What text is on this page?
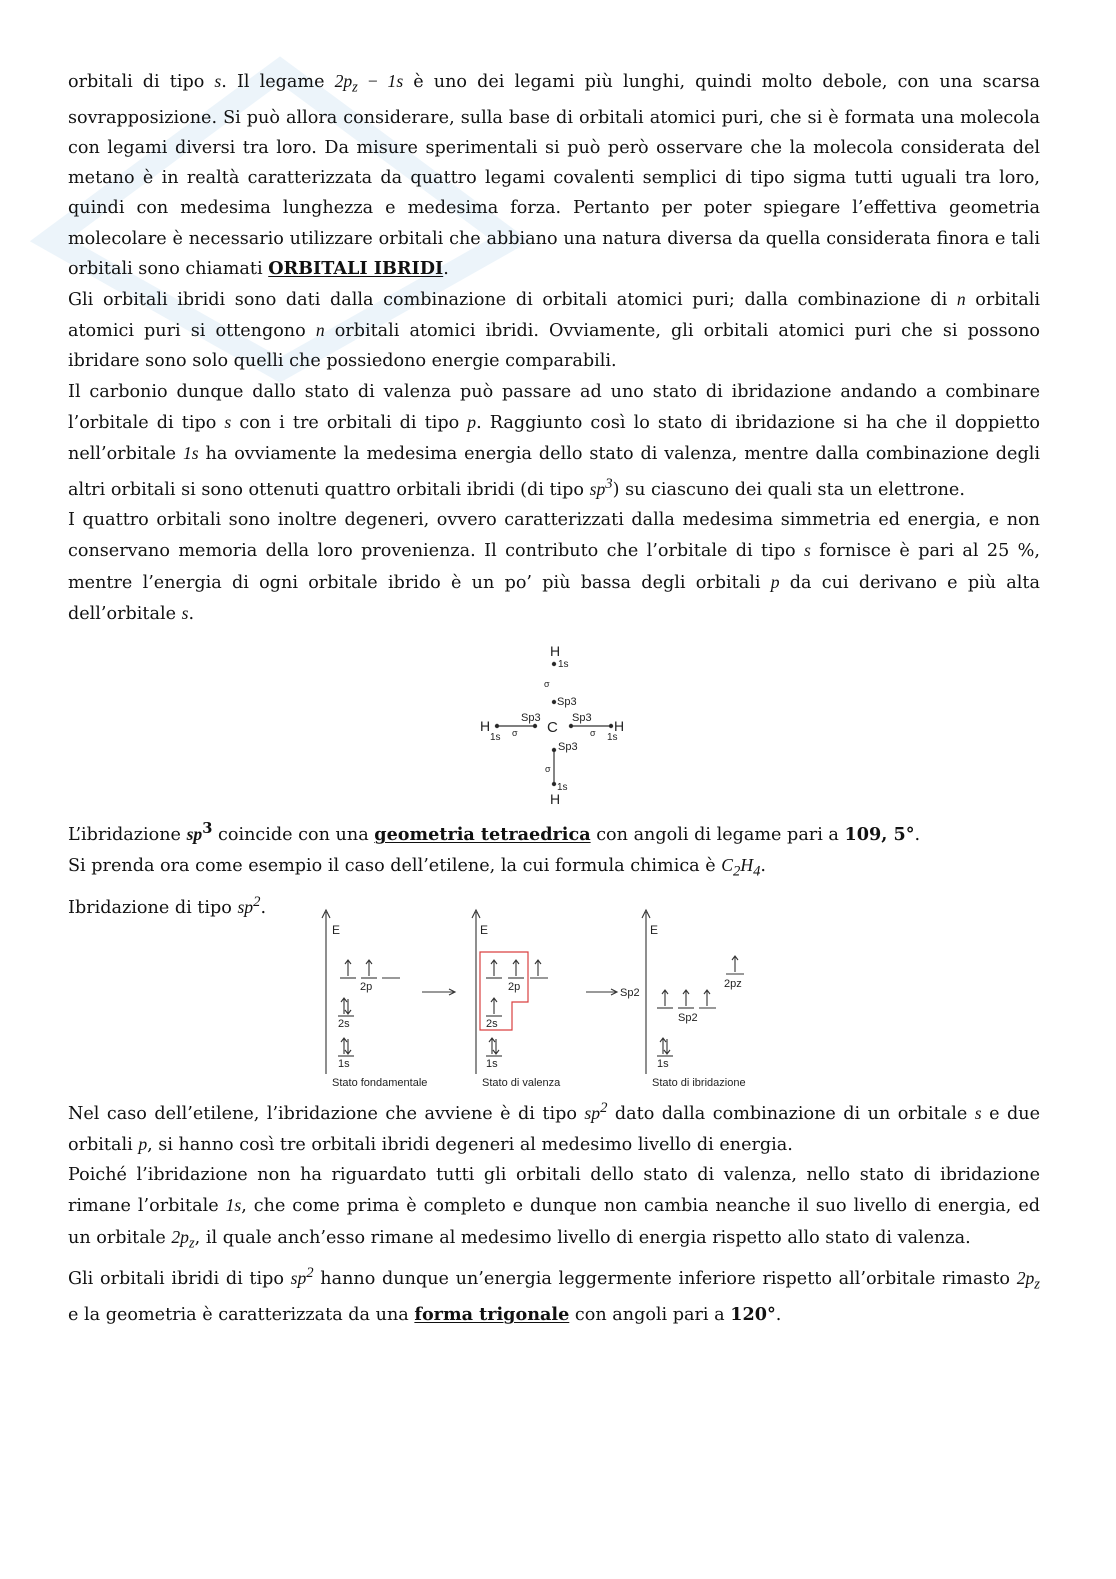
orbitali di tipo s. Il legame $2p_z - 1s$ è uno dei legami più lunghi, quindi molto debole, con una scarsa sovrapposizione. Si può allora considerare, sulla base di orbitali atomici puri, che si è formata una molecola con legami diversi tra loro. Da misure sperimentali si può però osservare che la molecola considerata del metano è in realtà caratterizzata da quattro legami covalenti semplici di tipo sigma tutti uguali tra loro, quindi con medesima lunghezza e medesima forza. Pertanto per poter spiegare l’effettiva geometria molecolare è necessario utilizzare orbitali che abbiano una natura diversa da quella considerata finora e tali orbitali sono chiamati ORBITALI IBRIDI.

Gli orbitali ibridi sono dati dalla combinazione di orbitali atomici puri; dalla combinazione di n orbitali atomici puri si ottengono n orbitali atomici ibridi. Ovviamente, gli orbitali atomici puri che si possono ibridare sono solo quelli che possiedono energie comparabili.

Il carbonio dunque dallo stato di valenza può passare ad uno stato di ibridazione andando a combinare l’orbitale di tipo s con i tre orbitali di tipo p. Raggiunto così lo stato di ibridazione si ha che il doppietto nell’orbitale 1s ha ovviamente la medesima energia dello stato di valenza, mentre dalla combinazione degli altri orbitali si sono ottenuti quattro orbitali ibridi (di tipo $sp^3$) su ciascuno dei quali sta un elettrone.

I quattro orbitali sono inoltre degeneri, ovvero caratterizzati dalla medesima simmetria ed energia, e non conservano memoria della loro provenienza. Il contributo che l’orbitale di tipo s fornisce è pari al 25 %, mentre l’energia di ogni orbitale ibrido è un po’ più bassa degli orbitali p da cui derivano e più alta dell’orbitale s.

H
1s
σ
Sp3
H
1s σ
Sp3
C
Sp3
σ H
1s
Sp3
σ
1s
H

L’ibridazione $sp^3$ coincide con una geometria tetraedrica con angoli di legame pari a 109, 5°.

Si prenda ora come esempio il caso dell’etilene, la cui formula chimica è $C_2H_4$.

Ibridazione di tipo $sp^2$.

E
2p
2s
1s
Stato fondamentale
E
2p
2s
1s
Stato di valenza
Sp2
E
Sp2
2pz
1s
Stato di ibridazione

Nel caso dell’etilene, l’ibridazione che avviene è di tipo $sp^2$ dato dalla combinazione di un orbitale s e due orbitali p, si hanno così tre orbitali ibridi degeneri al medesimo livello di energia.

Poiché l’ibridazione non ha riguardato tutti gli orbitali dello stato di valenza, nello stato di ibridazione rimane l’orbitale 1s, che come prima è completo e dunque non cambia neanche il suo livello di energia, ed un orbitale $2p_z$, il quale anch’esso rimane al medesimo livello di energia rispetto allo stato di valenza.

Gli orbitali ibridi di tipo $sp^2$ hanno dunque un’energia leggermente inferiore rispetto all’orbitale rimasto $2p_z$ e la geometria è caratterizzata da una forma trigonale con angoli pari a 120°.
